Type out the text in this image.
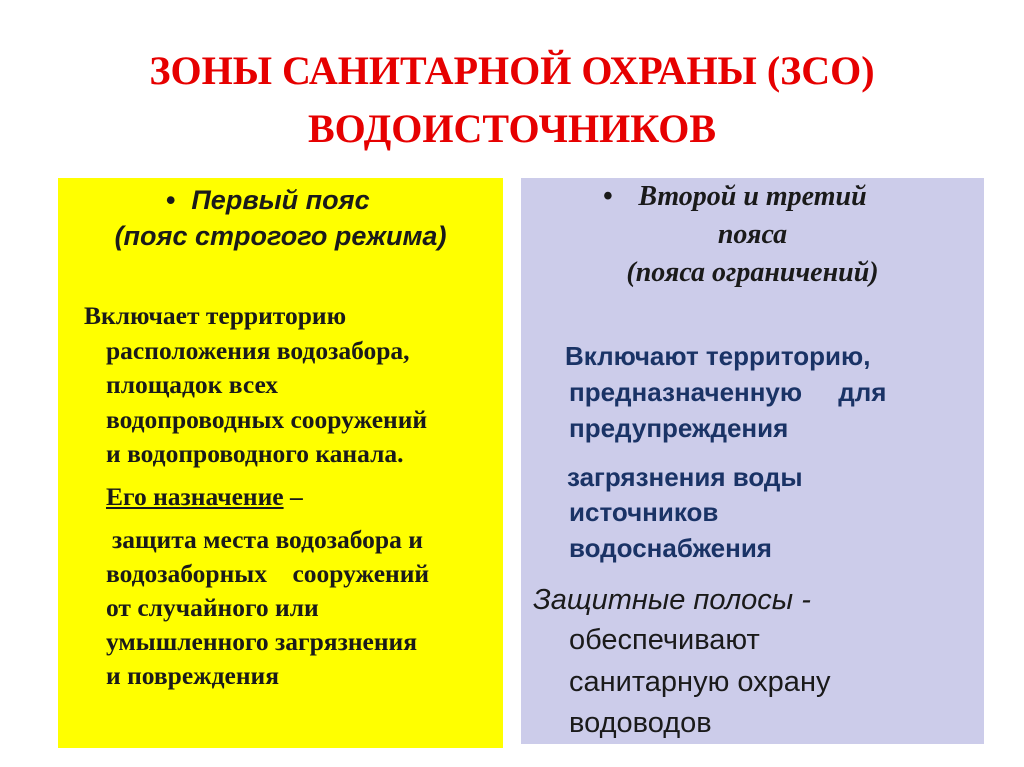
ЗОНЫ САНИТАРНОЙ ОХРАНЫ (ЗСО)
ВОДОИСТОЧНИКОВ
• Первый пояс
(пояс строгого режима)
Включает территорию
расположения водозабора,
площадок всех
водопроводных сооружений
и водопроводного канала.
Его назначение –
защита места водозабора и
водозаборных    сооружений
от случайного или
умышленного загрязнения
и повреждения
• Второй и третий
пояса
(пояса ограничений)
Включают территорию,
предназначенную     для
предупреждения
загрязнения воды
источников
водоснабжения
Защитные полосы -
обеспечивают
санитарную охрану
водоводов
